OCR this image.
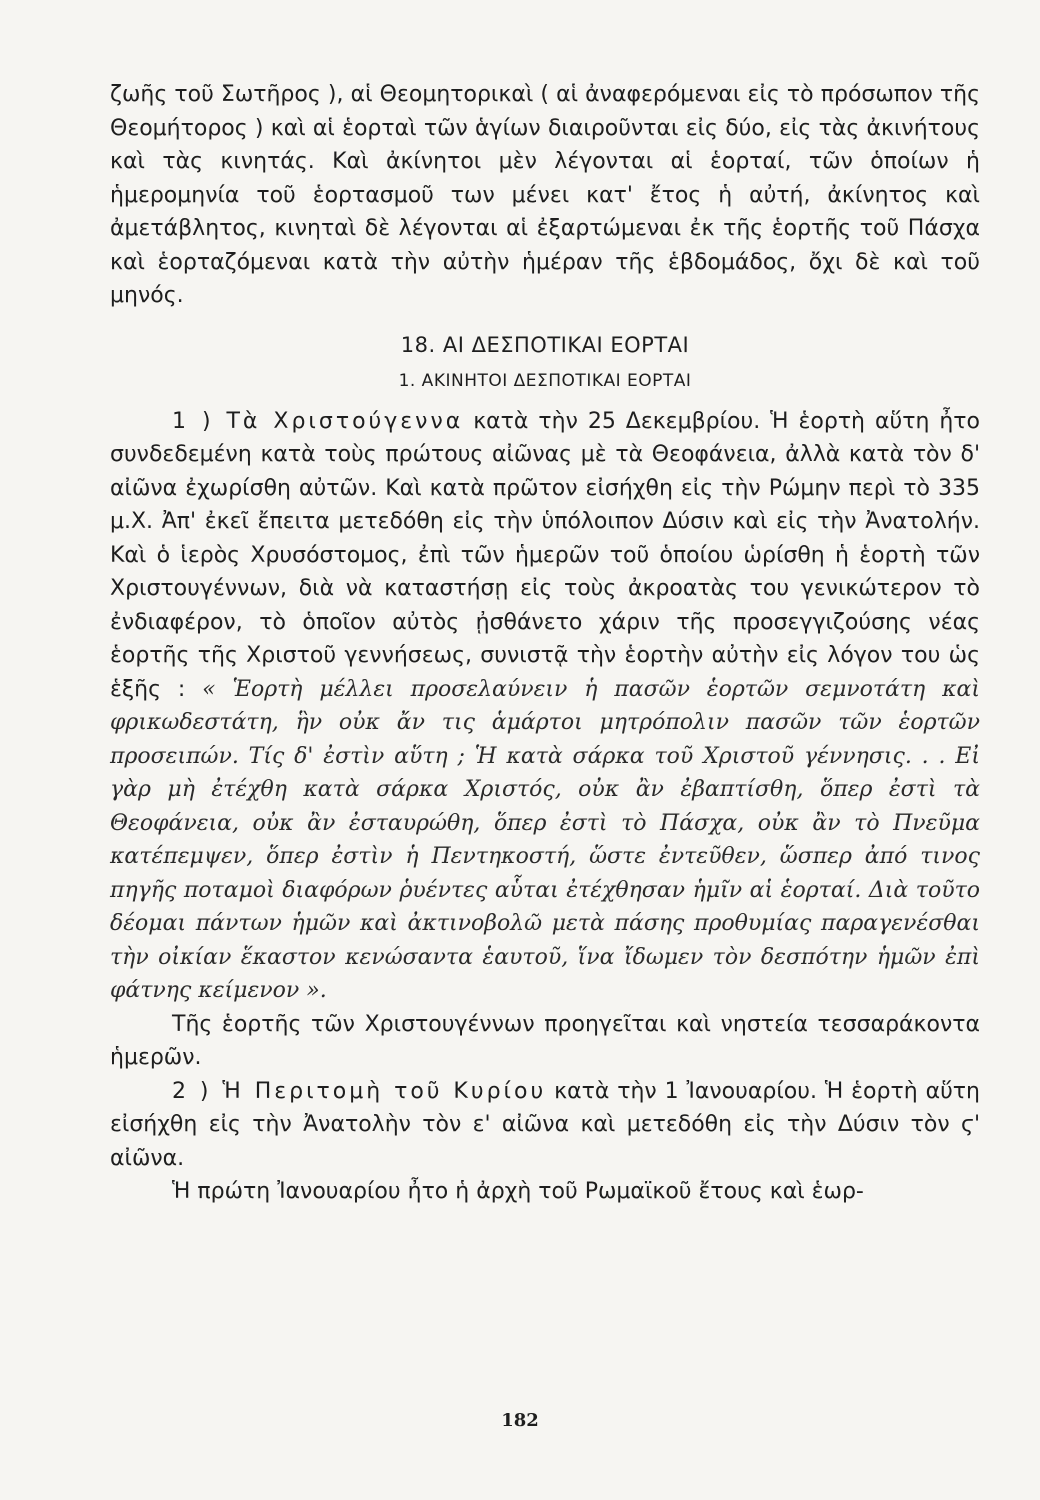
ζωῆς τοῦ Σωτῆρος ), αἱ Θεομητορικαὶ ( αἱ ἀναφερόμεναι εἰς τὸ πρόσωπον τῆς Θεομήτορος ) καὶ αἱ ἑορταὶ τῶν ἁγίων διαιροῦνται εἰς δύο, εἰς τὰς ἀκινήτους καὶ τὰς κινητάς. Καὶ ἀκίνητοι μὲν λέγονται αἱ ἑορταί, τῶν ὁποίων ἡ ἡμερομηνία τοῦ ἑορτασμοῦ των μένει κατ' ἔτος ἡ αὐτή, ἀκίνητος καὶ ἀμετάβλητος, κινηταὶ δὲ λέγονται αἱ ἐξαρτώμεναι ἐκ τῆς ἑορτῆς τοῦ Πάσχα καὶ ἑορταζόμεναι κατὰ τὴν αὐτὴν ἡμέραν τῆς ἑβδομάδος, ὄχι δὲ καὶ τοῦ μηνός.

18. ΑΙ ΔΕΣΠΟΤΙΚΑΙ ΕΟΡΤΑΙ
1. ΑΚΙΝΗΤΟΙ ΔΕΣΠΟΤΙΚΑΙ ΕΟΡΤΑΙ

1 ) Τὰ Χριστούγεννα κατὰ τὴν 25 Δεκεμβρίου. Ἡ ἑορτὴ αὕτη ἦτο συνδεδεμένη κατὰ τοὺς πρώτους αἰῶνας μὲ τὰ Θεοφάνεια, ἀλλὰ κατὰ τὸν δ' αἰῶνα ἐχωρίσθη αὐτῶν. Καὶ κατὰ πρῶτον εἰσήχθη εἰς τὴν Ρώμην περὶ τὸ 335 μ.Χ. Ἀπ' ἐκεῖ ἔπειτα μετεδόθη εἰς τὴν ὑπόλοιπον Δύσιν καὶ εἰς τὴν Ἀνατολήν. Καὶ ὁ ἱερὸς Χρυσόστομος, ἐπὶ τῶν ἡμερῶν τοῦ ὁποίου ὡρίσθη ἡ ἑορτὴ τῶν Χριστουγέννων, διὰ νὰ καταστήσῃ εἰς τοὺς ἀκροατὰς του γενικώτερον τὸ ἐνδιαφέρον, τὸ ὁποῖον αὐτὸς ᾐσθάνετο χάριν τῆς προσεγγιζούσης νέας ἑορτῆς τῆς Χριστοῦ γεννήσεως, συνιστᾷ τὴν ἑορτὴν αὐτὴν εἰς λόγον του ὡς ἑξῆς : « Ἑορτὴ μέλλει προσελαύνειν ἡ πασῶν ἑορτῶν σεμνοτάτη καὶ φρικωδεστάτη, ἣν οὐκ ἄν τις ἁμάρτοι μητρόπολιν πασῶν τῶν ἑορτῶν προσειπών. Τίς δ' ἐστὶν αὕτη ; Ἡ κατὰ σάρκα τοῦ Χριστοῦ γέννησις. . . Εἰ γὰρ μὴ ἐτέχθη κατὰ σάρκα Χριστός, οὐκ ἂν ἐβαπτίσθη, ὅπερ ἐστὶ τὰ Θεοφάνεια, οὐκ ἂν ἐσταυρώθη, ὅπερ ἐστὶ τὸ Πάσχα, οὐκ ἂν τὸ Πνεῦμα κατέπεμψεν, ὅπερ ἐστὶν ἡ Πεντηκοστή, ὥστε ἐντεῦθεν, ὥσπερ ἀπό τινος πηγῆς ποταμοὶ διαφόρων ῥυέντες αὗται ἐτέχθησαν ἡμῖν αἱ ἑορταί. Διὰ τοῦτο δέομαι πάντων ἡμῶν καὶ ἀκτινοβολῶ μετὰ πάσης προθυμίας παραγενέσθαι τὴν οἰκίαν ἕκαστον κενώσαντα ἑαυτοῦ, ἵνα ἴδωμεν τὸν δεσπότην ἡμῶν ἐπὶ φάτνης κείμενον ».

Τῆς ἑορτῆς τῶν Χριστουγέννων προηγεῖται καὶ νηστεία τεσσαράκοντα ἡμερῶν.

2 ) Ἡ Περιτομὴ τοῦ Κυρίου κατὰ τὴν 1 Ἰανουαρίου. Ἡ ἑορτὴ αὕτη εἰσήχθη εἰς τὴν Ἀνατολὴν τὸν ε' αἰῶνα καὶ μετεδόθη εἰς τὴν Δύσιν τὸν ϛ' αἰῶνα.

Ἡ πρώτη Ἰανουαρίου ἦτο ἡ ἀρχὴ τοῦ Ρωμαϊκοῦ ἔτους καὶ ἑωρ-

182
